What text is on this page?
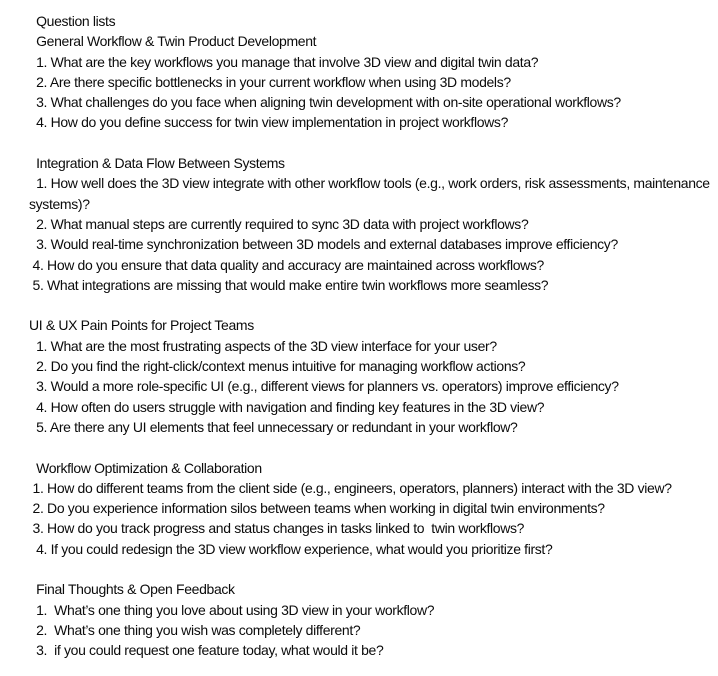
Question lists
General Workflow & Twin Product Development
1. What are the key workflows you manage that involve 3D view and digital twin data?
2. Are there specific bottlenecks in your current workflow when using 3D models?
3. What challenges do you face when aligning twin development with on-site operational workflows?
4. How do you define success for twin view implementation in project workflows?
Integration & Data Flow Between Systems
1. How well does the 3D view integrate with other workflow tools (e.g., work orders, risk assessments, maintenance systems)?
2. What manual steps are currently required to sync 3D data with project workflows?
3. Would real-time synchronization between 3D models and external databases improve efficiency?
4. How do you ensure that data quality and accuracy are maintained across workflows?
5. What integrations are missing that would make entire twin workflows more seamless?
UI & UX Pain Points for Project Teams
1. What are the most frustrating aspects of the 3D view interface for your user?
2. Do you find the right-click/context menus intuitive for managing workflow actions?
3. Would a more role-specific UI (e.g., different views for planners vs. operators) improve efficiency?
4. How often do users struggle with navigation and finding key features in the 3D view?
5. Are there any UI elements that feel unnecessary or redundant in your workflow?
Workflow Optimization & Collaboration
1. How do different teams from the client side (e.g., engineers, operators, planners) interact with the 3D view?
2. Do you experience information silos between teams when working in digital twin environments?
3. How do you track progress and status changes in tasks linked to  twin workflows?
4. If you could redesign the 3D view workflow experience, what would you prioritize first?
Final Thoughts & Open Feedback
1.  What’s one thing you love about using 3D view in your workflow?
2.  What’s one thing you wish was completely different?
3.  if you could request one feature today, what would it be?
